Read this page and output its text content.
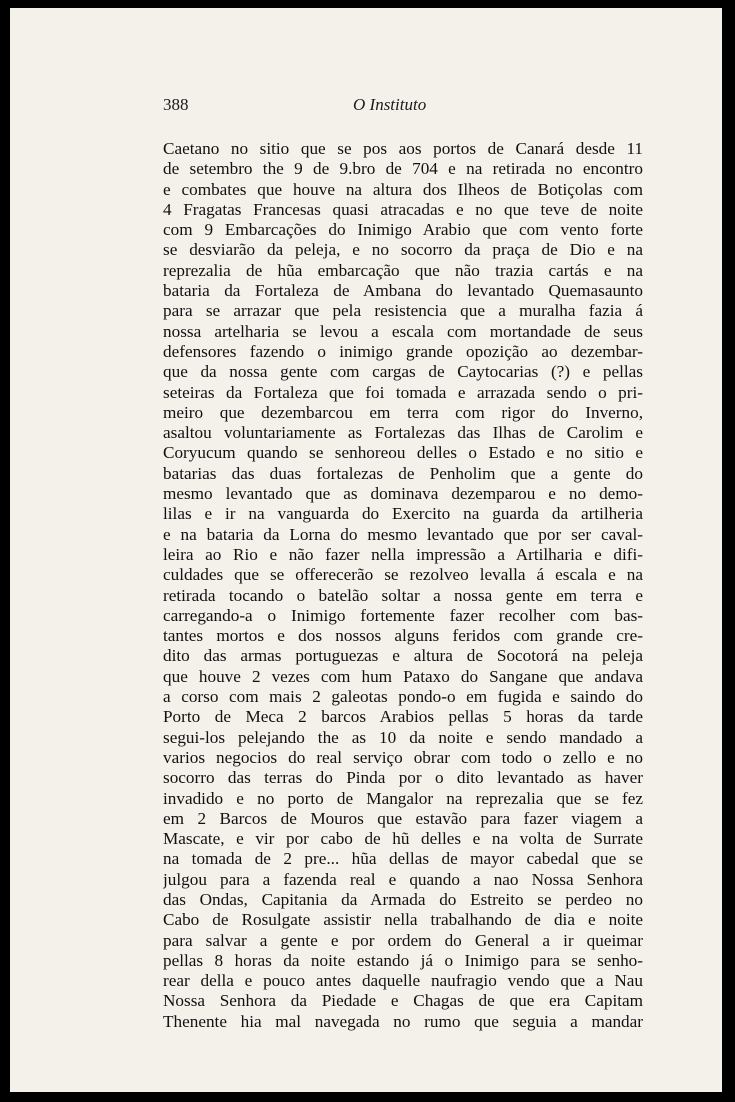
388	O Instituto
Caetano no sitio que se pos aos portos de Canará desde 11
de setembro the 9 de 9.bro de 704 e na retirada no encontro
e combates que houve na altura dos Ilheos de Botiçolas com
4 Fragatas Francesas quasi atracadas e no que teve de noite
com 9 Embarcações do Inimigo Arabio que com vento forte
se desviarão da peleja, e no socorro da praça de Dio e na
reprezalia de hũa embarcação que não trazia cartás e na
bataria da Fortaleza de Ambana do levantado Quemasaunto
para se arrazar que pela resistencia que a muralha fazia á
nossa artelharia se levou a escala com mortandade de seus
defensores fazendo o inimigo grande opozição ao dezembar-
que da nossa gente com cargas de Caytocarias (?) e pellas
seteiras da Fortaleza que foi tomada e arrazada sendo o pri-
meiro que dezembarcou em terra com rigor do Inverno,
asaltou voluntariamente as Fortalezas das Ilhas de Carolim e
Coryucum quando se senhoreou delles o Estado e no sitio e
batarias das duas fortalezas de Penholim que a gente do
mesmo levantado que as dominava dezemparou e no demo-
lilas e ir na vanguarda do Exercito na guarda da artilheria
e na bataria da Lorna do mesmo levantado que por ser caval-
leira ao Rio e não fazer nella impressão a Artilharia e difi-
culdades que se offerecerão se rezolveo levalla á escala e na
retirada tocando o batelão soltar a nossa gente em terra e
carregando-a o Inimigo fortemente fazer recolher com bas-
tantes mortos e dos nossos alguns feridos com grande cre-
dito das armas portuguezas e altura de Socotorá na peleja
que houve 2 vezes com hum Pataxo do Sangane que andava
a corso com mais 2 galeotas pondo-o em fugida e saindo do
Porto de Meca 2 barcos Arabios pellas 5 horas da tarde
segui-los pelejando the as 10 da noite e sendo mandado a
varios negocios do real serviço obrar com todo o zello e no
socorro das terras do Pinda por o dito levantado as haver
invadido e no porto de Mangalor na reprezalia que se fez
em 2 Barcos de Mouros que estavão para fazer viagem a
Mascate, e vir por cabo de hũ delles e na volta de Surrate
na tomada de 2 pre... hũa dellas de mayor cabedal que se
julgou para a fazenda real e quando a nao Nossa Senhora
das Ondas, Capitania da Armada do Estreito se perdeo no
Cabo de Rosulgate assistir nella trabalhando de dia e noite
para salvar a gente e por ordem do General a ir queimar
pellas 8 horas da noite estando já o Inimigo para se senho-
rear della e pouco antes daquelle naufragio vendo que a Nau
Nossa Senhora da Piedade e Chagas de que era Capitam
Thenente hia mal navegada no rumo que seguia a mandar
